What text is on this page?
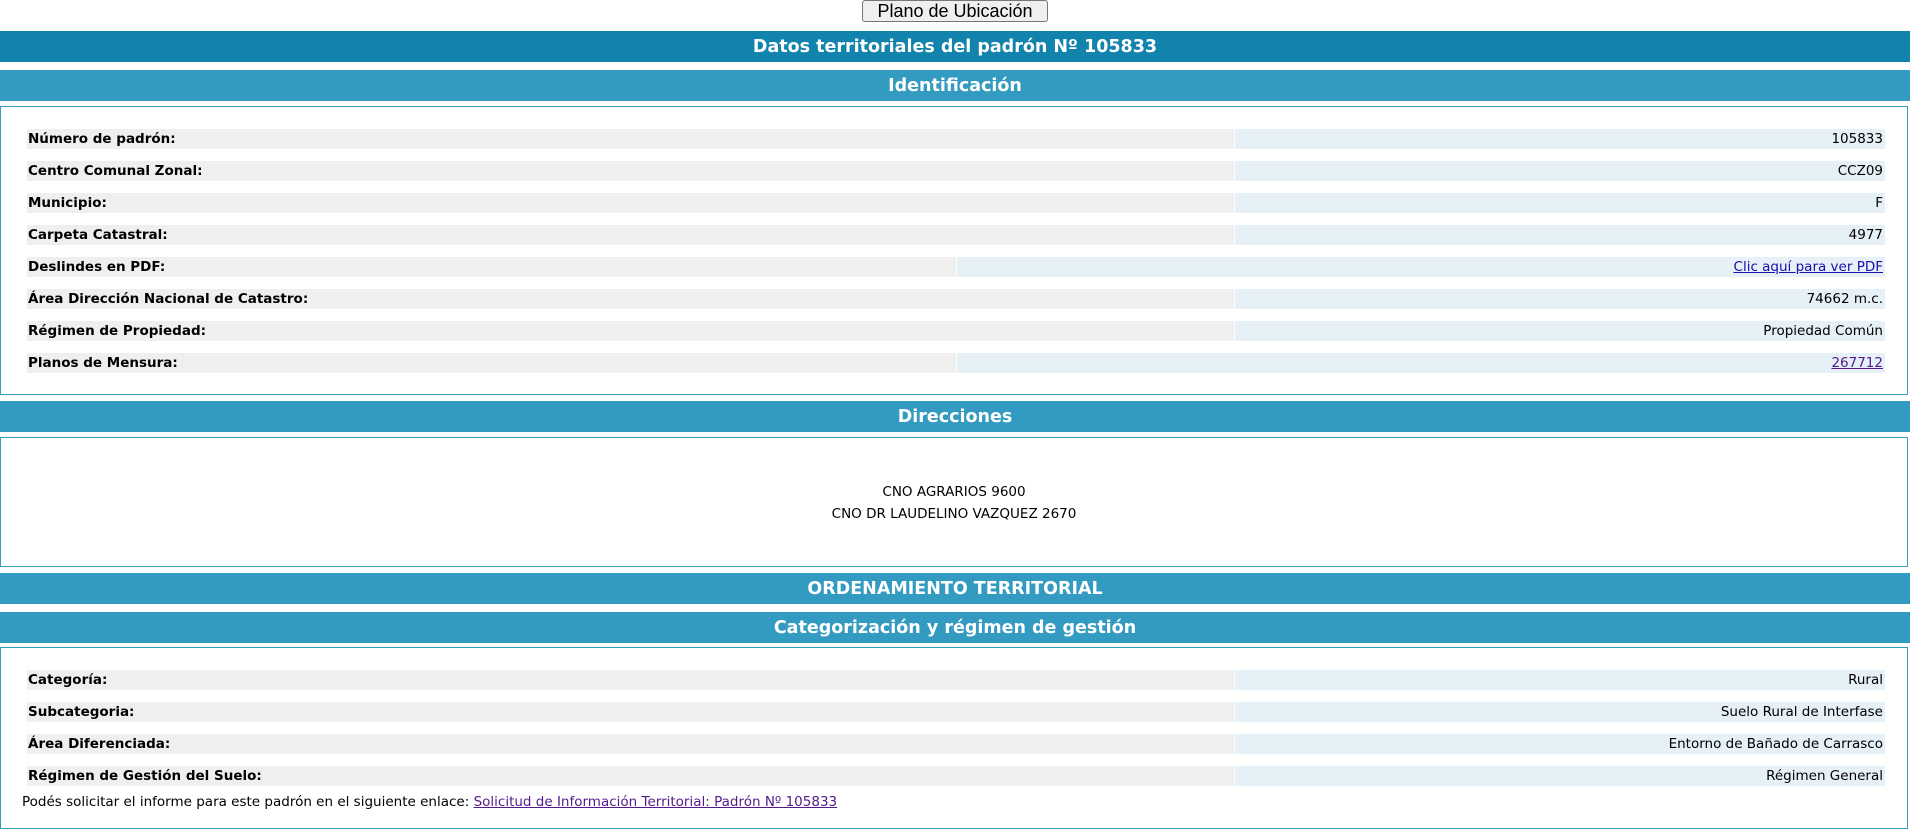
Plano de Ubicación
Datos territoriales del padrón Nº 105833
Identificación
Número de padrón:	105833
Centro Comunal Zonal:	CCZ09
Municipio:	F
Carpeta Catastral:	4977
Deslindes en PDF:	Clic aquí para ver PDF
Área Dirección Nacional de Catastro:	74662 m.c.
Régimen de Propiedad:	Propiedad Común
Planos de Mensura:	267712
Direcciones
CNO AGRARIOS 9600
CNO DR LAUDELINO VAZQUEZ 2670
ORDENAMIENTO TERRITORIAL
Categorización y régimen de gestión
Categoría:	Rural
Subcategoria:	Suelo Rural de Interfase
Área Diferenciada:	Entorno de Bañado de Carrasco
Régimen de Gestión del Suelo:	Régimen General
Podés solicitar el informe para este padrón en el siguiente enlace: Solicitud de Información Territorial: Padrón Nº 105833
